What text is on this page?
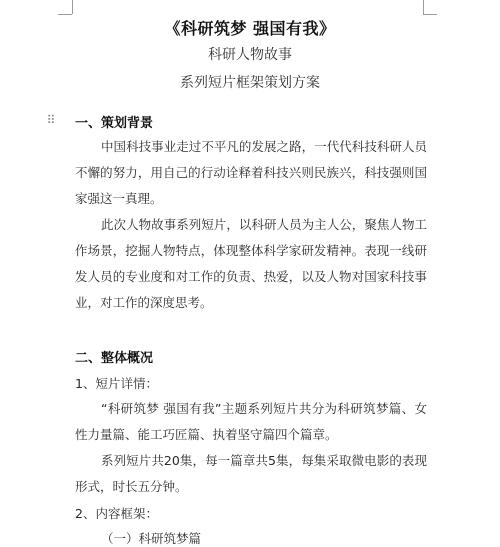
《科研筑梦 强国有我》
科研人物故事
系列短片框架策划方案
⠿ 一、策划背景

中国科技事业走过不平凡的发展之路，一代代科技科研人员不懈的努力，用自己的行动诠释着科技兴则民族兴，科技强则国家强这一真理。

此次人物故事系列短片，以科研人员为主人公，聚焦人物工作场景，挖掘人物特点，体现整体科学家研发精神。表现一线研发人员的专业度和对工作的负责、热爱，以及人物对国家科技事业，对工作的深度思考。

二、整体概况
1、短片详情：

“科研筑梦 强国有我”主题系列短片共分为科研筑梦篇、女性力量篇、能工巧匠篇、执着坚守篇四个篇章。

系列短片共20集，每一篇章共5集，每集采取微电影的表现形式，时长五分钟。

2、内容框架：
（一）科研筑梦篇
